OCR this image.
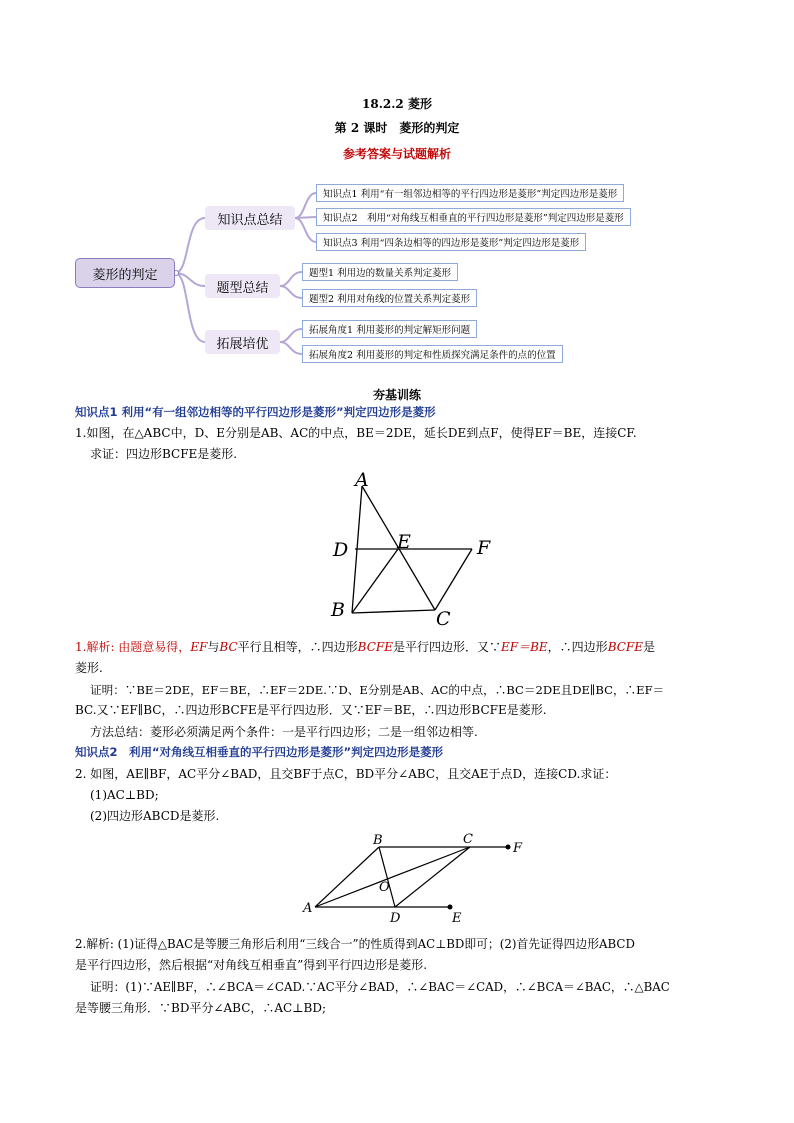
18.2.2 菱形
第 2 课时　菱形的判定
参考答案与试题解析
菱形的判定
知识点总结
题型总结
拓展培优
知识点1 利用“有一组邻边相等的平行四边形是菱形”判定四边形是菱形
知识点2　利用“对角线互相垂直的平行四边形是菱形”判定四边形是菱形
知识点3 利用“四条边相等的四边形是菱形”判定四边形是菱形
题型1 利用边的数量关系判定菱形
题型2 利用对角线的位置关系判定菱形
拓展角度1 利用菱形的判定解矩形问题
拓展角度2 利用菱形的判定和性质探究满足条件的点的位置
夯基训练
知识点1 利用“有一组邻边相等的平行四边形是菱形”判定四边形是菱形
1.如图，在△ABC中，D、E分别是AB、AC的中点，BE＝2DE，延长DE到点F，使得EF＝BE，连接CF.
求证：四边形BCFE是菱形.
A
B	C
D	E	F
1.解析: 由题意易得，EF与BC平行且相等，∴四边形BCFE是平行四边形．又∵EF＝BE，∴四边形BCFE是
菱形.
证明：∵BE＝2DE，EF＝BE，∴EF＝2DE.∵D、E分别是AB、AC的中点，∴BC＝2DE且DE∥BC，∴EF＝
BC.又∵EF∥BC，∴四边形BCFE是平行四边形．又∵EF＝BE，∴四边形BCFE是菱形.
方法总结：菱形必须满足两个条件：一是平行四边形；二是一组邻边相等.
知识点2　利用“对角线互相垂直的平行四边形是菱形”判定四边形是菱形
2. 如图，AE∥BF，AC平分∠BAD，且交BF于点C，BD平分∠ABC，且交AE于点D，连接CD.求证：
(1)AC⊥BD;
(2)四边形ABCD是菱形.
A
B	C
D	E
F
O
2.解析: (1)证得△BAC是等腰三角形后利用“三线合一”的性质得到AC⊥BD即可；(2)首先证得四边形ABCD
是平行四边形，然后根据“对角线互相垂直”得到平行四边形是菱形.
证明：(1)∵AE∥BF，∴∠BCA＝∠CAD.∵AC平分∠BAD，∴∠BAC＝∠CAD，∴∠BCA＝∠BAC，∴△BAC
是等腰三角形．∵BD平分∠ABC，∴AC⊥BD;
